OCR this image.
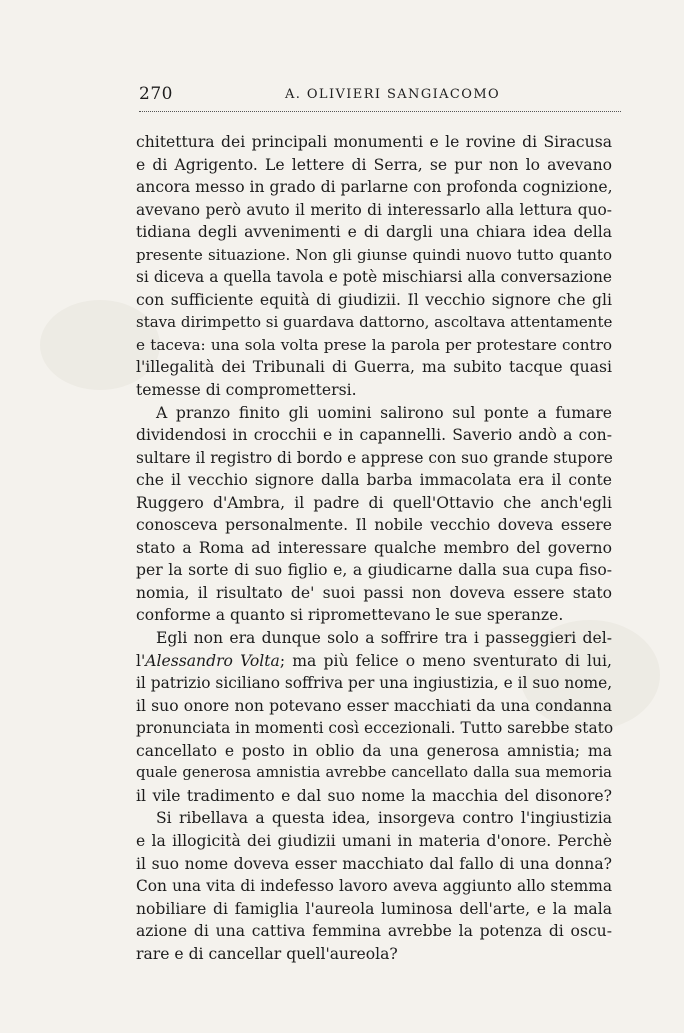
270	A. OLIVIERI SANGIACOMO
chitettura dei principali monumenti e le rovine di Siracusa
e di Agrigento. Le lettere di Serra, se pur non lo avevano
ancora messo in grado di parlarne con profonda cognizione,
avevano però avuto il merito di interessarlo alla lettura quo-
tidiana degli avvenimenti e di dargli una chiara idea della
presente situazione. Non gli giunse quindi nuovo tutto quanto
si diceva a quella tavola e potè mischiarsi alla conversazione
con sufficiente equità di giudizii. Il vecchio signore che gli
stava dirimpetto si guardava dattorno, ascoltava attentamente
e taceva: una sola volta prese la parola per protestare contro
l'illegalità dei Tribunali di Guerra, ma subito tacque quasi
temesse di compromettersi.
A pranzo finito gli uomini salirono sul ponte a fumare
dividendosi in crocchii e in capannelli. Saverio andò a con-
sultare il registro di bordo e apprese con suo grande stupore
che il vecchio signore dalla barba immacolata era il conte
Ruggero d'Ambra, il padre di quell'Ottavio che anch'egli
conosceva personalmente. Il nobile vecchio doveva essere
stato a Roma ad interessare qualche membro del governo
per la sorte di suo figlio e, a giudicarne dalla sua cupa fiso-
nomia, il risultato de' suoi passi non doveva essere stato
conforme a quanto si ripromettevano le sue speranze.
Egli non era dunque solo a soffrire tra i passeggieri del-
l'Alessandro Volta; ma più felice o meno sventurato di lui,
il patrizio siciliano soffriva per una ingiustizia, e il suo nome,
il suo onore non potevano esser macchiati da una condanna
pronunciata in momenti così eccezionali. Tutto sarebbe stato
cancellato e posto in oblio da una generosa amnistia; ma
quale generosa amnistia avrebbe cancellato dalla sua memoria
il vile tradimento e dal suo nome la macchia del disonore?
Si ribellava a questa idea, insorgeva contro l'ingiustizia
e la illogicità dei giudizii umani in materia d'onore. Perchè
il suo nome doveva esser macchiato dal fallo di una donna?
Con una vita di indefesso lavoro aveva aggiunto allo stemma
nobiliare di famiglia l'aureola luminosa dell'arte, e la mala
azione di una cattiva femmina avrebbe la potenza di oscu-
rare e di cancellar quell'aureola?
